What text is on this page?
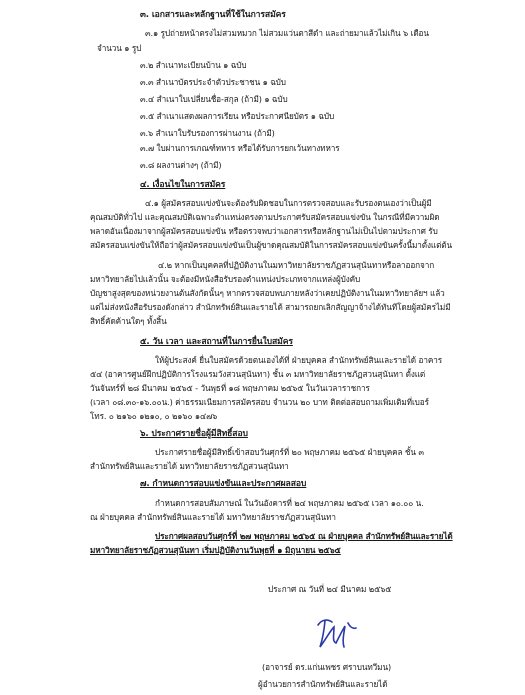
๓. เอกสารและหลักฐานที่ใช้ในการสมัคร
๓.๑ รูปถ่ายหน้าตรงไม่สวมหมวก ไม่สวมแว่นตาสีดำ และถ่ายมาแล้วไม่เกิน ๖ เดือน
จำนวน ๑ รูป
๓.๒ สำเนาทะเบียนบ้าน ๑ ฉบับ
๓.๓ สำเนาบัตรประจำตัวประชาชน ๑ ฉบับ
๓.๔ สำเนาใบเปลี่ยนชื่อ-สกุล (ถ้ามี) ๑ ฉบับ
๓.๕ สำเนาแสดงผลการเรียน หรือประกาศนียบัตร ๑ ฉบับ
๓.๖ สำเนาใบรับรองการผ่านงาน (ถ้ามี)
๓.๗ ใบผ่านการเกณฑ์ทหาร หรือได้รับการยกเว้นทางทหาร
๓.๘ ผลงานต่างๆ (ถ้ามี)
๔. เงื่อนไขในการสมัคร
๔.๑ ผู้สมัครสอบแข่งขันจะต้องรับผิดชอบในการตรวจสอบและรับรองตนเองว่าเป็นผู้มี
คุณสมบัติทั่วไป และคุณสมบัติเฉพาะตำแหน่งตรงตามประกาศรับสมัครสอบแข่งขัน ในกรณีที่มีความผิด
พลาดอันเนื่องมาจากผู้สมัครสอบแข่งขัน หรือตรวจพบว่าเอกสารหรือหลักฐานไม่เป็นไปตามประกาศ รับ
สมัครสอบแข่งขันให้ถือว่าผู้สมัครสอบแข่งขันเป็นผู้ขาดคุณสมบัติในการสมัครสอบแข่งขันครั้งนี้มาตั้งแต่ต้น
๔.๒ หากเป็นบุคคลที่ปฏิบัติงานในมหาวิทยาลัยราชภัฏสวนสุนันทาหรือลาออกจาก
มหาวิทยาลัยไปแล้วนั้น จะต้องมีหนังสือรับรองตำแหน่งประเภทจากแหล่งผู้บังคับ
บัญชาสูงสุดของหน่วยงานต้นสังกัดนั้นๆ หากตรวจสอบพบภายหลังว่าเคยปฏิบัติงานในมหาวิทยาลัยฯ แล้ว
แต่ไม่ส่งหนังสือรับรองดังกล่าว สำนักทรัพย์สินและรายได้ สามารถยกเลิกสัญญาจ้างได้ทันทีโดยผู้สมัครไม่มี
สิทธิ์คัดค้านใดๆ ทั้งสิ้น
๕. วัน เวลา และสถานที่ในการยื่นใบสมัคร
ให้ผู้ประสงค์ ยื่นใบสมัครด้วยตนเองได้ที่ ฝ่ายบุคคล สำนักทรัพย์สินและรายได้ อาคาร
๕๔ (อาคารศูนย์ฝึกปฏิบัติการโรงแรมวังสวนสุนันทา) ชั้น ๓ มหาวิทยาลัยราชภัฏสวนสุนันทา ตั้งแต่
วันจันทร์ที่ ๒๘ มีนาคม ๒๕๖๕ - วันพุธที่ ๑๘ พฤษภาคม ๒๕๖๕ ในวันเวลาราชการ
(เวลา ๐๘.๓๐-๑๖.๐๐น.) ค่าธรรมเนียมการสมัครสอบ จำนวน ๒๐ บาท ติดต่อสอบถามเพิ่มเติมที่เบอร์
โทร. ๐ ๒๑๖๐ ๑๒๑๐, ๐ ๒๑๖๐ ๑๔๗๖
๖. ประกาศรายชื่อผู้มีสิทธิ์สอบ
ประกาศรายชื่อผู้มีสิทธิ์เข้าสอบวันศุกร์ที่ ๒๐ พฤษภาคม ๒๕๖๕ ฝ่ายบุคคล ชั้น ๓
สำนักทรัพย์สินและรายได้ มหาวิทยาลัยราชภัฏสวนสุนันทา
๗. กำหนดการสอบแข่งขันและประกาศผลสอบ
กำหนดการสอบสัมภาษณ์ ในวันอังคารที่ ๒๔ พฤษภาคม ๒๕๖๕ เวลา ๑๐.๐๐ น.
ณ ฝ่ายบุคคล สำนักทรัพย์สินและรายได้ มหาวิทยาลัยราชภัฏสวนสุนันทา
ประกาศผลสอบวันศุกร์ที่ ๒๗ พฤษภาคม ๒๕๖๕ ณ ฝ่ายบุคคล สำนักทรัพย์สินและรายได้
มหาวิทยาลัยราชภัฏสวนสุนันทา เริ่มปฏิบัติงานวันพุธที่ ๑ มิถุนายน ๒๕๖๕
ประกาศ ณ วันที่ ๒๔ มีนาคม ๒๕๖๕
(อาจารย์ ดร.แก่นเพชร ศราบนทวีมน)
ผู้อำนวยการสำนักทรัพย์สินและรายได้
